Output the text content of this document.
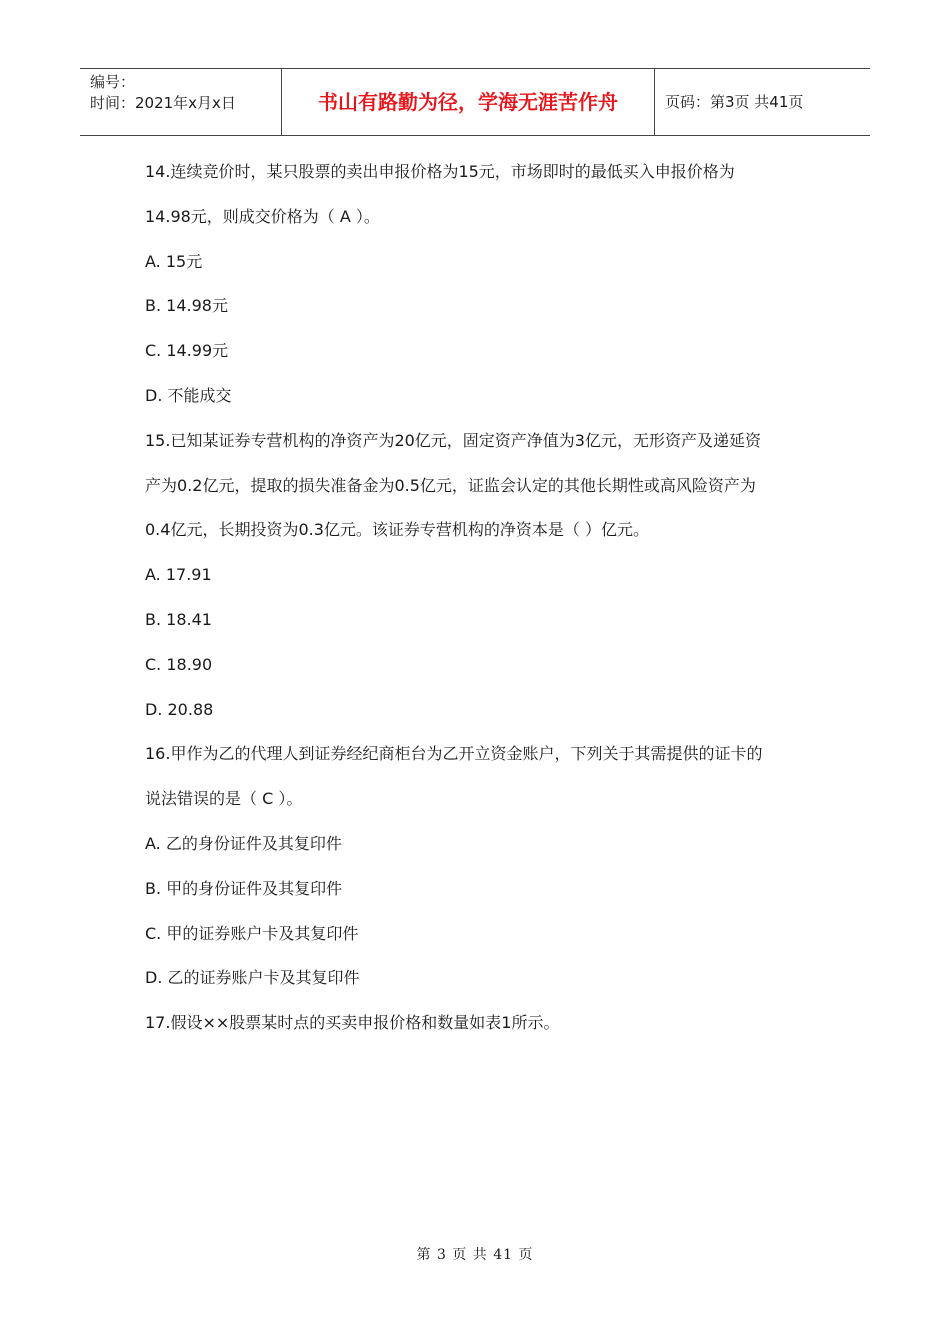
编号：
时间：2021年x月x日	书山有路勤为径，学海无涯苦作舟	页码：第3页 共41页
14.连续竞价时，某只股票的卖出申报价格为15元，市场即时的最低买入申报价格为
14.98元，则成交价格为（ A ）。
A. 15元
B. 14.98元
C. 14.99元
D. 不能成交
15.已知某证券专营机构的净资产为20亿元，固定资产净值为3亿元，无形资产及递延资
产为0.2亿元，提取的损失准备金为0.5亿元，证监会认定的其他长期性或高风险资产为
0.4亿元，长期投资为0.3亿元。该证券专营机构的净资本是（ ）亿元。
A. 17.91
B. 18.41
C. 18.90
D. 20.88
16.甲作为乙的代理人到证券经纪商柜台为乙开立资金账户，下列关于其需提供的证卡的
说法错误的是（ C ）。
A. 乙的身份证件及其复印件
B. 甲的身份证件及其复印件
C. 甲的证券账户卡及其复印件
D. 乙的证券账户卡及其复印件
17.假设××股票某时点的买卖申报价格和数量如表1所示。
第 3 页 共 41 页
